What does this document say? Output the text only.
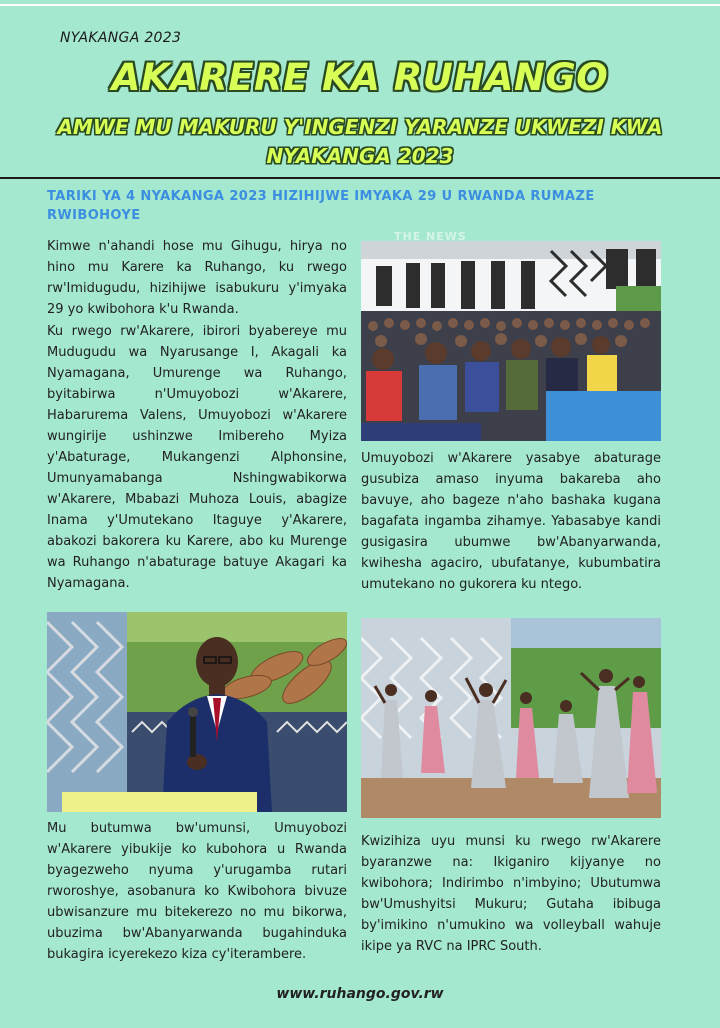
NYAKANGA 2023
AKARERE KA RUHANGO
AMWE MU MAKURU Y'INGENZI YARANZE UKWEZI KWA NYAKANGA 2023
TARIKI YA 4 NYAKANGA 2023 HIZIHIJWE IMYAKA 29 U RWANDA RUMAZE RWIBOHOYE

Kimwe n'ahandi hose mu Gihugu, hirya no hino mu Karere ka Ruhango, ku rwego rw'Imidugudu, hizihijwe isabukuru y'imyaka 29 yo kwibohora k'u Rwanda.

Ku rwego rw'Akarere, ibirori byabereye mu Mudugudu wa Nyarusange I, Akagali ka Nyamagana, Umurenge wa Ruhango, byitabirwa n'Umuyobozi w'Akarere, Habarurema Valens, Umuyobozi w'Akarere wungirije ushinzwe Imibereho Myiza y'Abaturage, Mukangenzi Alphonsine, Umunyamabanga Nshingwabikorwa w'Akarere, Mbabazi Muhoza Louis, abagize Inama y'Umutekano Itaguye y'Akarere, abakozi bakorera ku Karere, abo ku Murenge wa Ruhango n'abaturage batuye Akagari ka Nyamagana.

THE NEWS

Umuyobozi w'Akarere yasabye abaturage gusubiza amaso inyuma bakareba aho bavuye, aho bageze n'aho bashaka kugana bagafata ingamba zihamye. Yabasabye kandi gusigasira ubumwe bw'Abanyarwanda, kwihesha agaciro, ubufatanye, kubumbatira umutekano no gukorera ku ntego.

Mu butumwa bw'umunsi, Umuyobozi w'Akarere yibukije ko kubohora u Rwanda byagezweho nyuma y'urugamba rutari rworoshye, asobanura ko Kwibohora bivuze ubwisanzure mu bitekerezo no mu bikorwa, ubuzima bw'Abanyarwanda bugahinduka bukagira icyerekezo kiza cy'iterambere.

Kwizihiza uyu munsi ku rwego rw'Akarere byaranzwe na: Ikiganiro kijyanye no kwibohora; Indirimbo n'imbyino; Ubutumwa bw'Umushyitsi Mukuru; Gutaha ibibuga by'imikino n'umukino wa volleyball wahuje ikipe ya RVC na IPRC South.

www.ruhango.gov.rw
